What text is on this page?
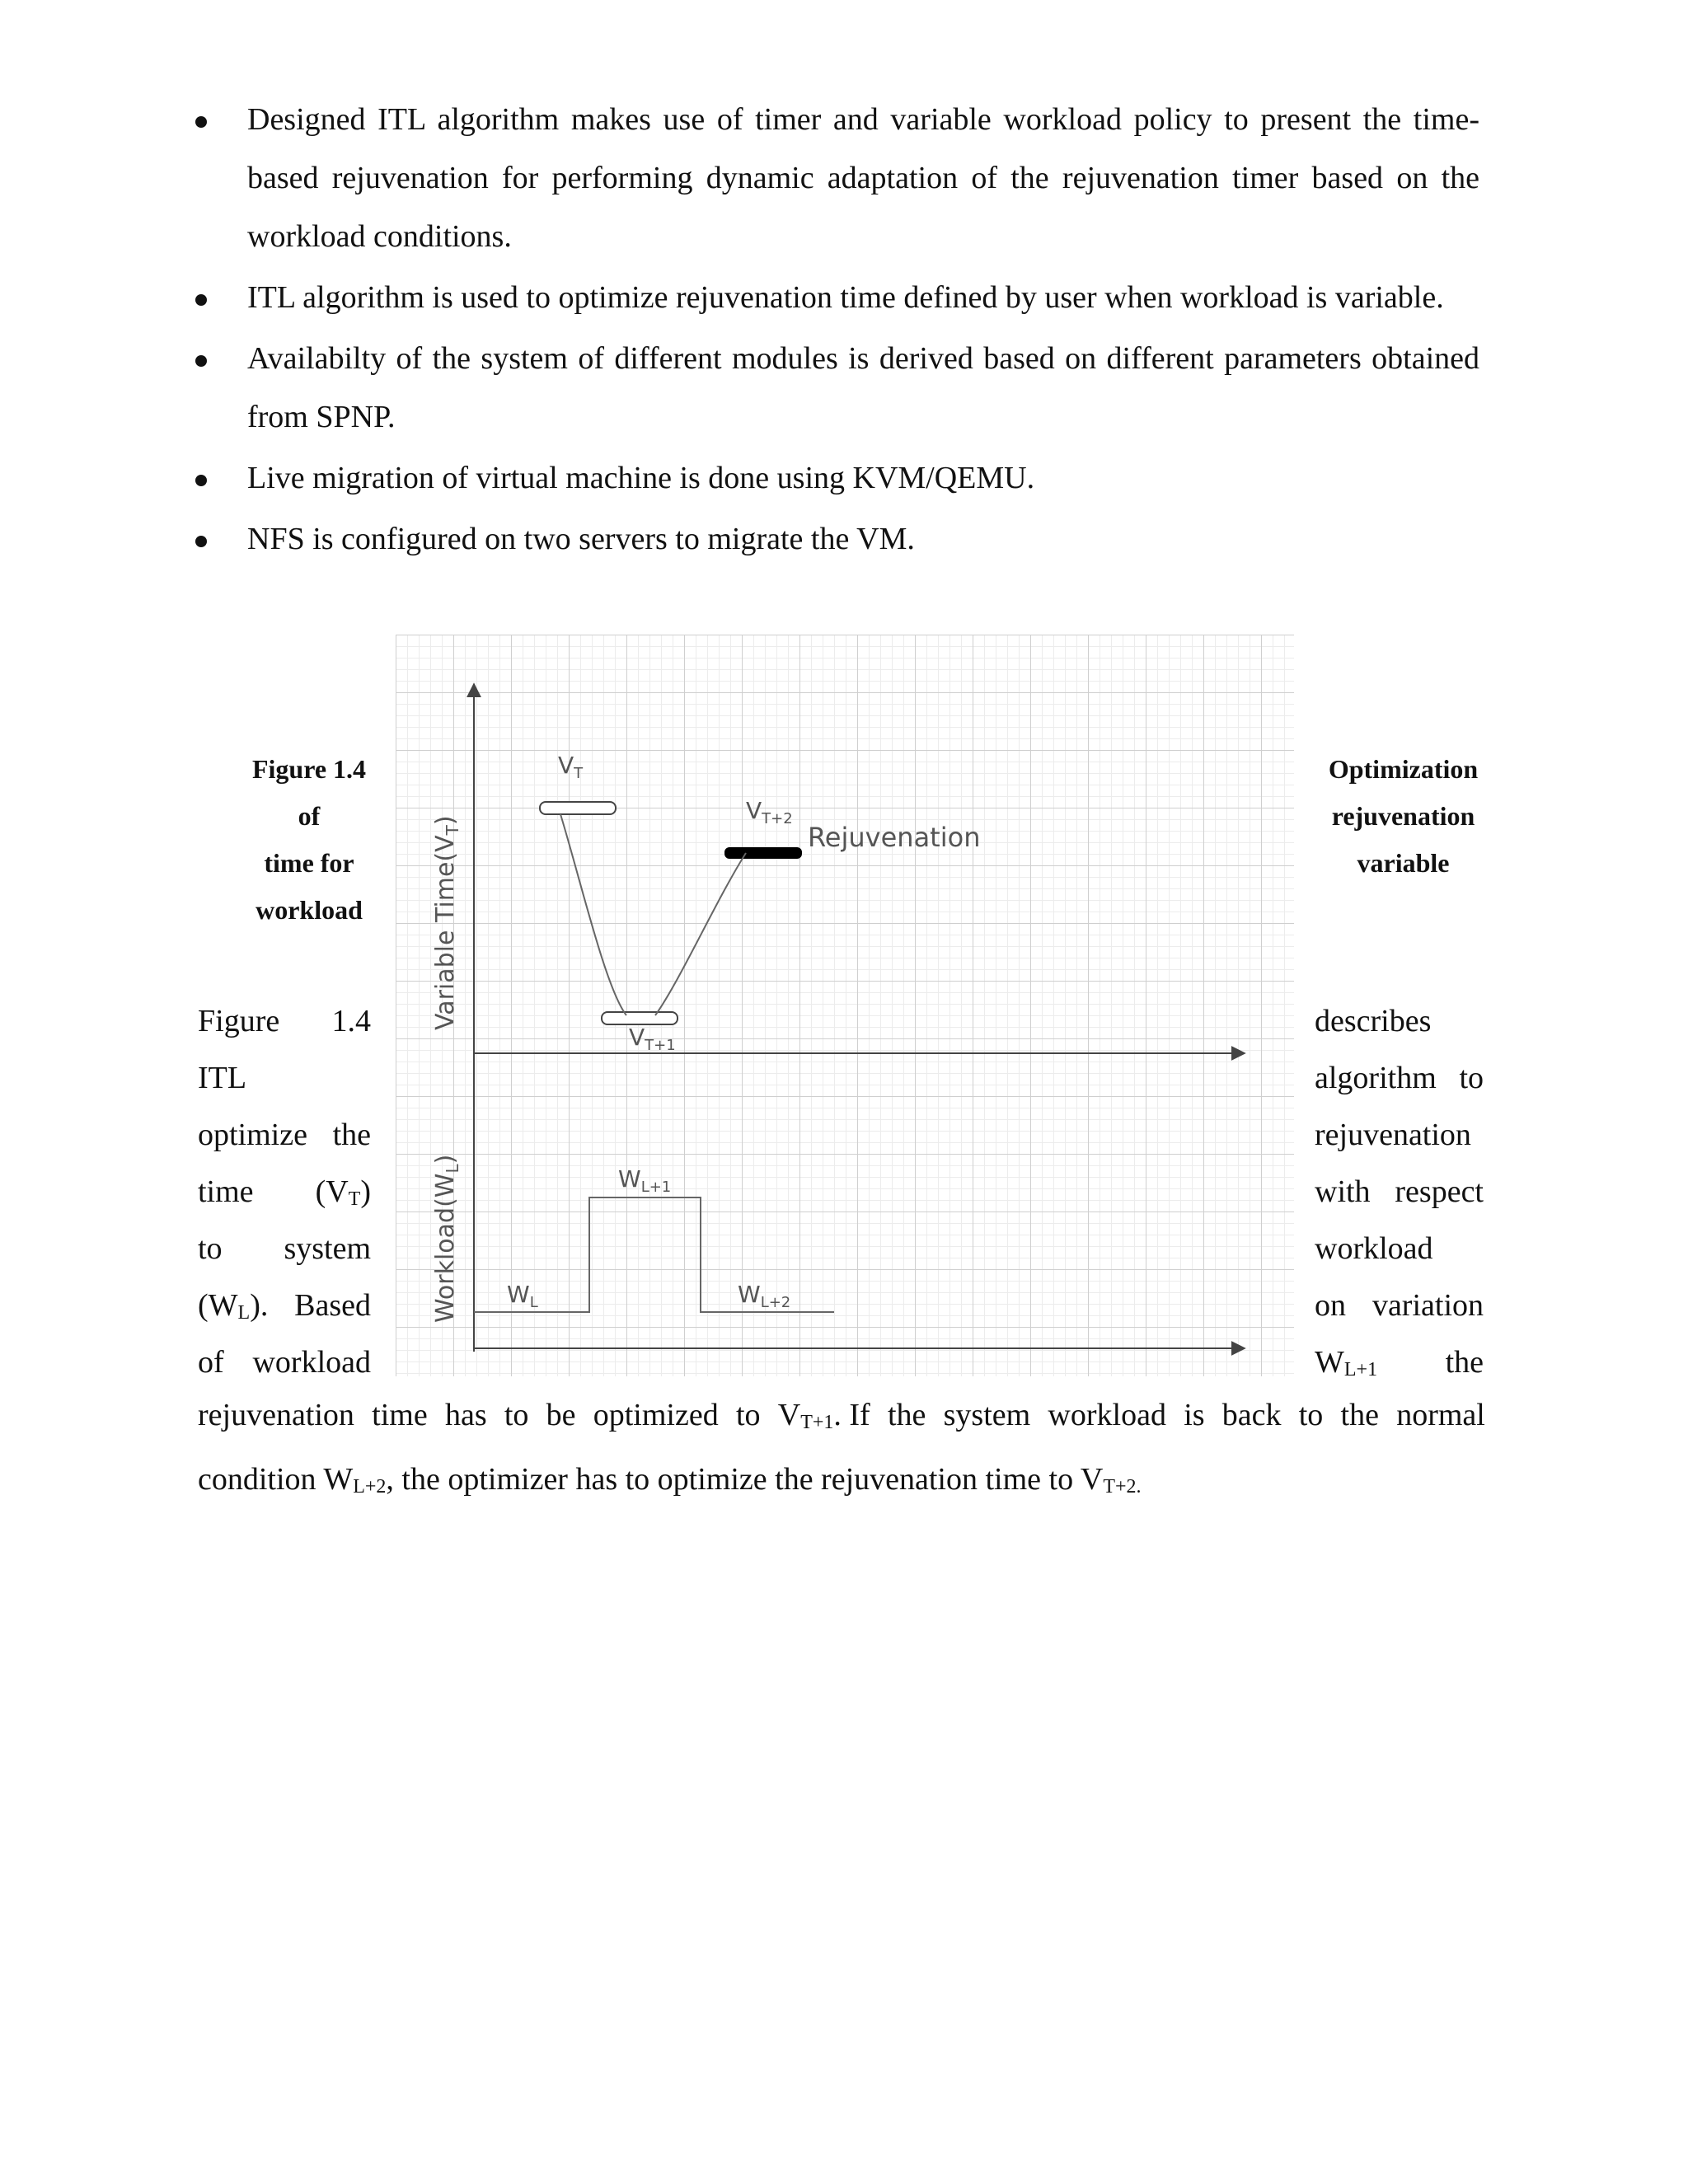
Designed ITL algorithm makes use of timer and variable workload policy to present the time-based rejuvenation for performing dynamic adaptation of the rejuvenation timer based on the workload conditions.
ITL algorithm is used to optimize rejuvenation time defined by user when workload is variable.
Availabilty of the system of different modules is derived based on different parameters obtained from SPNP.
Live migration of virtual machine is done using KVM/QEMU.
NFS is configured on two servers to migrate the VM.
Variable $Time(V_T)$
$Workload(W_L)$
$V_T$
$V_{T+1}$
$V_{T+2}$
Rejuvenation
$W_L$
$W_{L+1}$
$W_{L+2}$
Figure 1.4
of
time for
workload
Optimization
rejuvenation
variable
Figure 1.4
ITL
optimize the
time $(V_T)$
to system
$(W_L)$. Based
of workload
describes
algorithm to
rejuvenation
with respect
workload
on variation
$W_{L+1}$ the
rejuvenation time has to be optimized to $V_{T+1}$. If the system workload is back to the normal
condition $W_{L+2}$, the optimizer has to optimize the rejuvenation time to $V_{T+2.}$
